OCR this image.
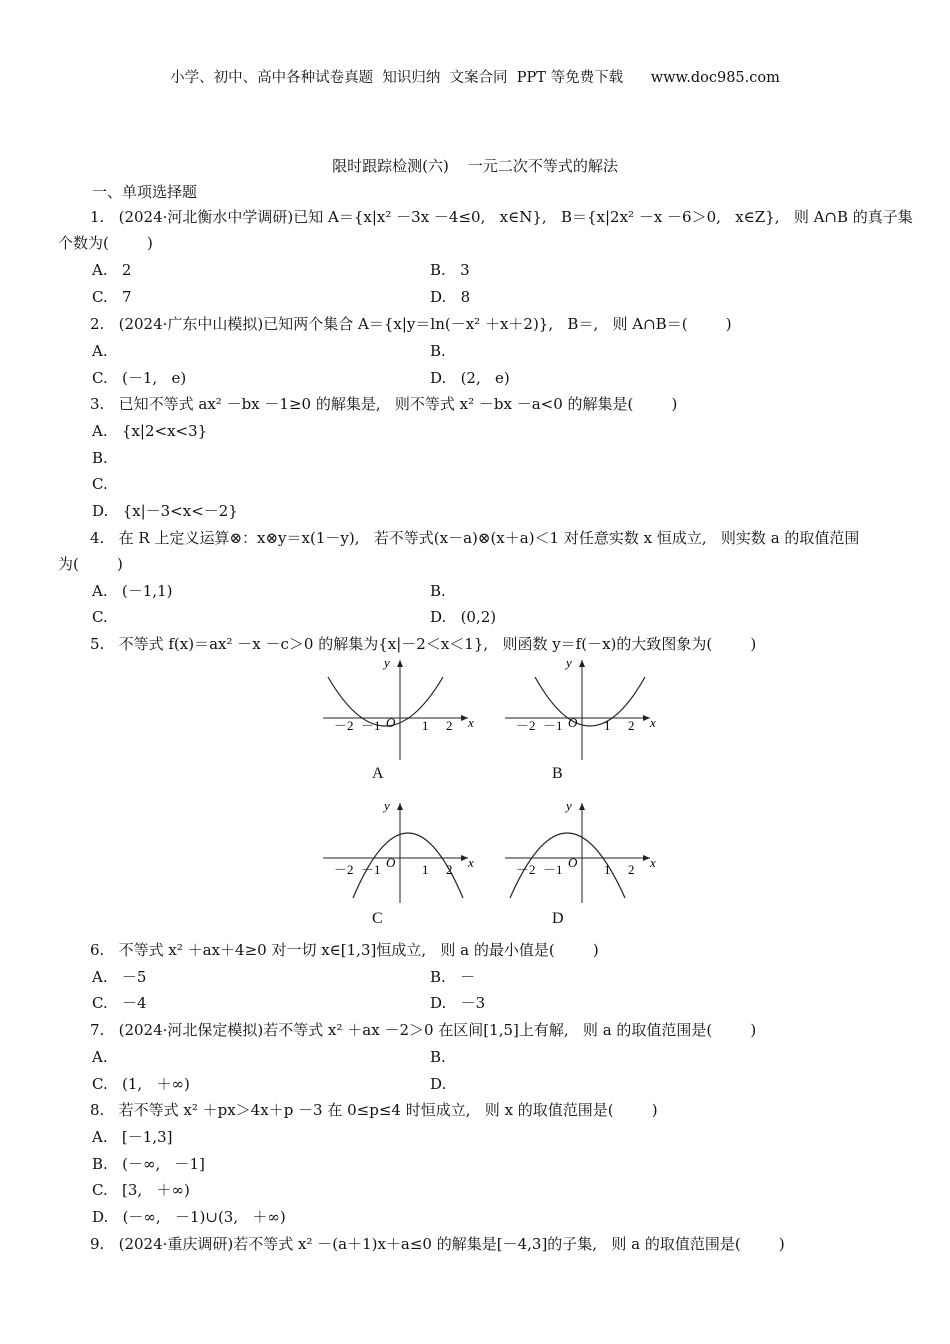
小学、初中、高中各种试卷真题  知识归纳  文案合同  PPT 等免费下载      www.doc985.com
限时跟踪检测(六)    一元二次不等式的解法
一、单项选择题
1.   (2024·河北衡水中学调研)已知 A＝{x|x² －3x －4≤0,   x∈N},   B＝{x|2x² －x －6＞0,   x∈Z},   则 A∩B 的真子集
个数为(        )
A.   2	B.   3
C.   7	D.   8
2.   (2024·广东中山模拟)已知两个集合 A＝{x|y＝ln(－x² ＋x＋2)},   B＝,   则 A∩B＝(        )
A.	B.
C.   (－1,   e)	D.   (2,   e)
3.   已知不等式 ax² －bx －1≥0 的解集是,   则不等式 x² －bx －a<0 的解集是(        )
A.   {x|2<x<3}
B.
C.
D.   {x|－3<x<－2}
4.   在 R 上定义运算⊗：x⊗y＝x(1－y),   若不等式(x－a)⊗(x＋a)＜1 对任意实数 x 恒成立,   则实数 a 的取值范围
为(        )
A.   (－1,1)	B.
C.	D.   (0,2)
5.   不等式 f(x)＝ax² －x －c＞0 的解集为{x|－2＜x＜1},   则函数 y＝f(－x)的大致图象为(        )
y
x
O
－2 －1	1 2
A
y
x
O
－2 －1	1 2
B
y
x
O
－2 －1	1 2
C
y
x
O
－2 －1	1 2
D
6.   不等式 x² ＋ax＋4≥0 对一切 x∈[1,3]恒成立,   则 a 的最小值是(        )
A.   －5	B.   －
C.   －4	D.   －3
7.   (2024·河北保定模拟)若不等式 x² ＋ax －2＞0 在区间[1,5]上有解,   则 a 的取值范围是(        )
A.	B.
C.   (1,   ＋∞)	D.
8.   若不等式 x² ＋px＞4x＋p －3 在 0≤p≤4 时恒成立,   则 x 的取值范围是(        )
A.   [－1,3]
B.   (－∞,   －1]
C.   [3,   ＋∞)
D.   (－∞,   －1)∪(3,   ＋∞)
9.   (2024·重庆调研)若不等式 x² －(a＋1)x＋a≤0 的解集是[－4,3]的子集,   则 a 的取值范围是(        )
